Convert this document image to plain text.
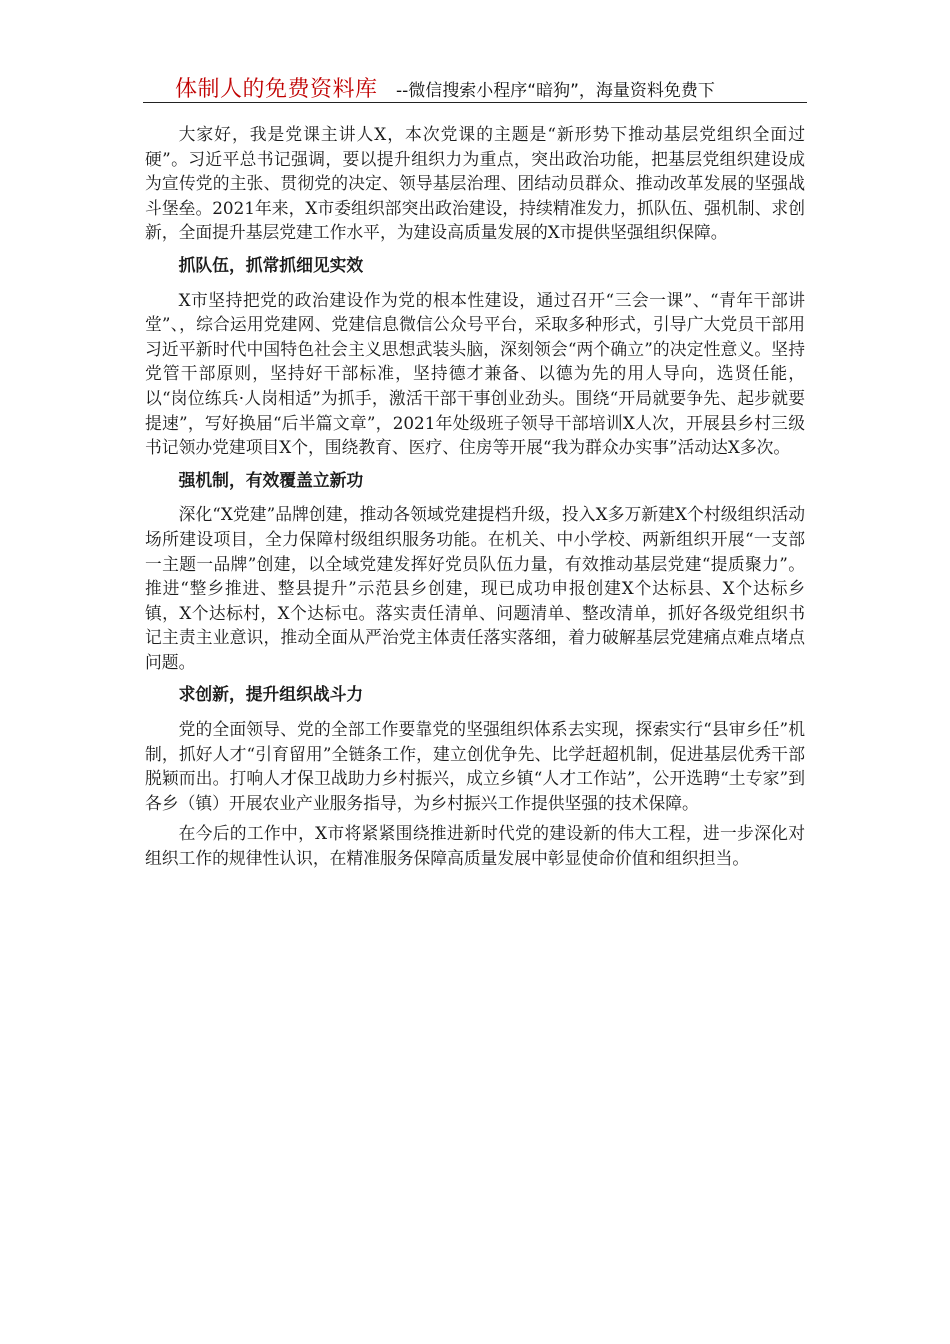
体制人的免费资料库 --微信搜索小程序“暗狗”，海量资料免费下

大家好，我是党课主讲人X，本次党课的主题是“新形势下推动基层党组织全面过硬”。习近平总书记强调，要以提升组织力为重点，突出政治功能，把基层党组织建设成为宣传党的主张、贯彻党的决定、领导基层治理、团结动员群众、推动改革发展的坚强战斗堡垒。2021年来，X市委组织部突出政治建设，持续精准发力，抓队伍、强机制、求创新，全面提升基层党建工作水平，为建设高质量发展的X市提供坚强组织保障。

抓队伍，抓常抓细见实效

X市坚持把党的政治建设作为党的根本性建设，通过召开“三会一课”、“青年干部讲堂”、，综合运用党建网、党建信息微信公众号平台，采取多种形式，引导广大党员干部用习近平新时代中国特色社会主义思想武装头脑，深刻领会“两个确立”的决定性意义。坚持党管干部原则，坚持好干部标准，坚持德才兼备、以德为先的用人导向，选贤任能，以“岗位练兵·人岗相适”为抓手，激活干部干事创业劲头。围绕“开局就要争先、起步就要提速”，写好换届“后半篇文章”，2021年处级班子领导干部培训X人次，开展县乡村三级书记领办党建项目X个，围绕教育、医疗、住房等开展“我为群众办实事”活动达X多次。

强机制，有效覆盖立新功

深化“X党建”品牌创建，推动各领域党建提档升级，投入X多万新建X个村级组织活动场所建设项目，全力保障村级组织服务功能。在机关、中小学校、两新组织开展“一支部一主题一品牌”创建，以全域党建发挥好党员队伍力量，有效推动基层党建“提质聚力”。推进“整乡推进、整县提升”示范县乡创建，现已成功申报创建X个达标县、X个达标乡镇，X个达标村，X个达标屯。落实责任清单、问题清单、整改清单，抓好各级党组织书记主责主业意识，推动全面从严治党主体责任落实落细，着力破解基层党建痛点难点堵点问题。

求创新，提升组织战斗力

党的全面领导、党的全部工作要靠党的坚强组织体系去实现，探索实行“县审乡任”机制，抓好人才“引育留用”全链条工作，建立创优争先、比学赶超机制，促进基层优秀干部脱颖而出。打响人才保卫战助力乡村振兴，成立乡镇“人才工作站”，公开选聘“土专家”到各乡（镇）开展农业产业服务指导，为乡村振兴工作提供坚强的技术保障。

在今后的工作中，X市将紧紧围绕推进新时代党的建设新的伟大工程，进一步深化对组织工作的规律性认识，在精准服务保障高质量发展中彰显使命价值和组织担当。
